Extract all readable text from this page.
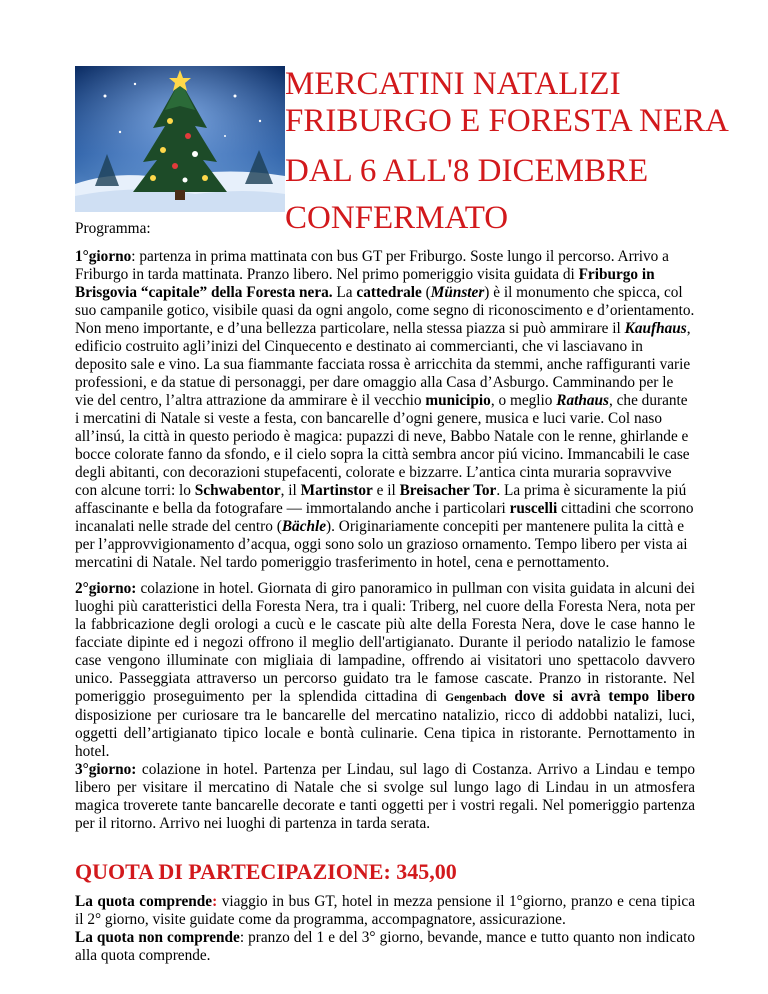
MERCATINI NATALIZI
FRIBURGO E FORESTA NERA
DAL 6 ALL'8 DICEMBRE
CONFERMATO

Programma:

1°giorno: partenza in prima mattinata con bus GT per Friburgo. Soste lungo il percorso. Arrivo a Friburgo in tarda mattinata. Pranzo libero. Nel primo pomeriggio visita guidata di Friburgo in Brisgovia “capitale” della Foresta nera. La cattedrale (Münster) è il monumento che spicca, col suo campanile gotico, visibile quasi da ogni angolo, come segno di riconoscimento e d’orientamento. Non meno importante, e d’una bellezza particolare, nella stessa piazza si può ammirare il Kaufhaus, edificio costruito agli’inizi del Cinquecento e destinato ai commercianti, che vi lasciavano in deposito sale e vino. La sua fiammante facciata rossa è arricchita da stemmi, anche raffiguranti varie professioni, e da statue di personaggi, per dare omaggio alla Casa d’Asburgo. Camminando per le vie del centro, l’altra attrazione da ammirare è il vecchio municipio, o meglio Rathaus, che durante i mercatini di Natale si veste a festa, con bancarelle d’ogni genere, musica e luci varie. Col naso all’insú, la città in questo periodo è magica: pupazzi di neve, Babbo Natale con le renne, ghirlande e bocce colorate fanno da sfondo, e il cielo sopra la città sembra ancor piú vicino. Immancabili le case degli abitanti, con decorazioni stupefacenti, colorate e bizzarre. L’antica cinta muraria sopravvive con alcune torri: lo Schwabentor, il Martinstor e il Breisacher Tor. La prima è sicuramente la piú affascinante e bella da fotografare — immortalando anche i particolari ruscelli cittadini che scorrono incanalati nelle strade del centro (Bächle). Originariamente concepiti per mantenere pulita la città e per l’approvvigionamento d’acqua, oggi sono solo un grazioso ornamento. Tempo libero per vista ai mercatini di Natale. Nel tardo pomeriggio trasferimento in hotel, cena e pernottamento.

2°giorno: colazione in hotel. Giornata di giro panoramico in pullman con visita guidata in alcuni dei luoghi più caratteristici della Foresta Nera, tra i quali: Triberg, nel cuore della Foresta Nera, nota per la fabbricazione degli orologi a cucù e le cascate più alte della Foresta Nera, dove le case hanno le facciate dipinte ed i negozi offrono il meglio dell'artigianato. Durante il periodo natalizio le famose case vengono illuminate con migliaia di lampadine, offrendo ai visitatori uno spettacolo davvero unico. Passeggiata attraverso un percorso guidato tra le famose cascate. Pranzo in ristorante. Nel pomeriggio proseguimento per la splendida cittadina di Gengenbach dove si avrà tempo libero disposizione per curiosare tra le bancarelle del mercatino natalizio, ricco di addobbi natalizi, luci, oggetti dell’artigianato tipico locale e bontà culinarie. Cena tipica in ristorante. Pernottamento in hotel.

3°giorno: colazione in hotel. Partenza per Lindau, sul lago di Costanza. Arrivo a Lindau e tempo libero per visitare il mercatino di Natale che si svolge sul lungo lago di Lindau in un atmosfera magica troverete tante bancarelle decorate e tanti oggetti per i vostri regali. Nel pomeriggio partenza per il ritorno. Arrivo nei luoghi di partenza in tarda serata.

QUOTA DI PARTECIPAZIONE: 345,00

La quota comprende: viaggio in bus GT, hotel in mezza pensione il 1°giorno, pranzo e cena tipica il 2° giorno, visite guidate come da programma, accompagnatore, assicurazione.

La quota non comprende: pranzo del 1 e del 3° giorno, bevande, mance e tutto quanto non indicato alla quota comprende.
